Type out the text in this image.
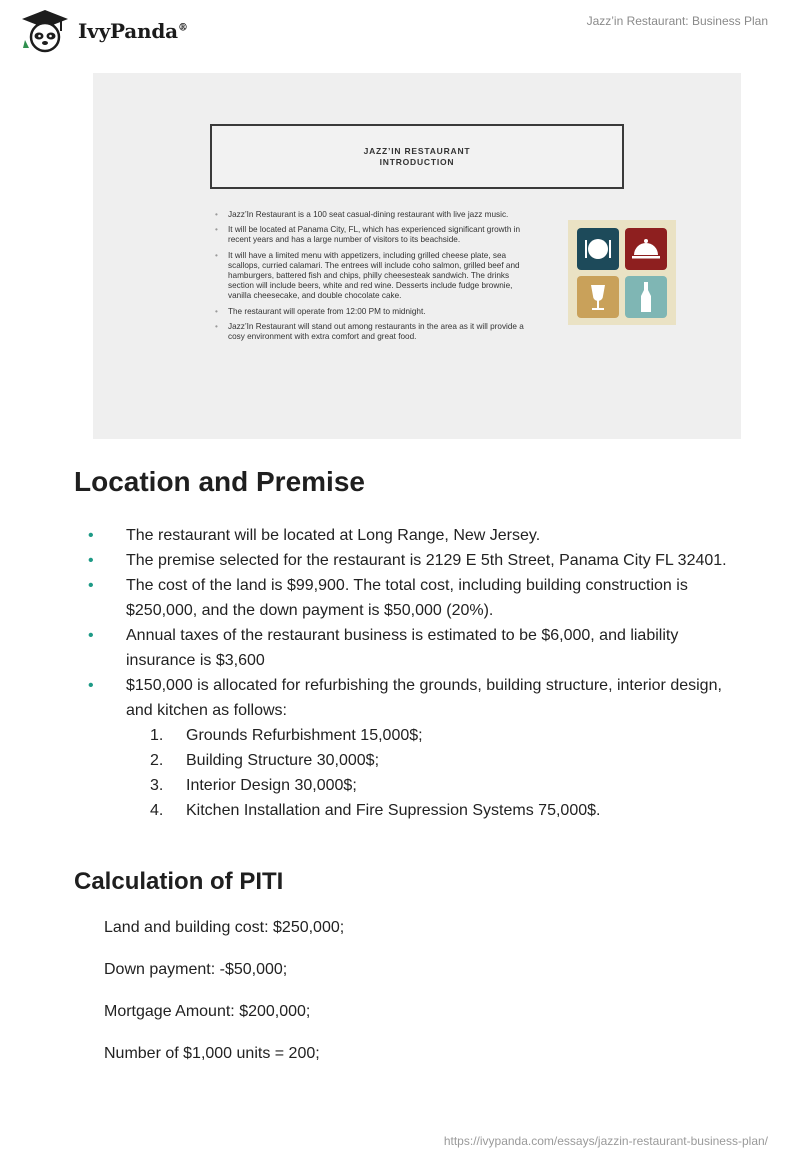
IvyPanda®	Jazz’in Restaurant: Business Plan
JAZZ’IN RESTAURANT
INTRODUCTION
• Jazz’In Restaurant is a 100 seat casual-dining restaurant with live jazz music.
• It will be located at Panama City, FL, which has experienced significant growth in recent years and has a large number of visitors to its beachside.
• It will have a limited menu with appetizers, including grilled cheese plate, sea scallops, curried calamari. The entrees will include coho salmon, grilled beef and hamburgers, battered fish and chips, philly cheesesteak sandwich. The drinks section will include beers, white and red wine. Desserts include fudge brownie, vanilla cheesecake, and double chocolate cake.
• The restaurant will operate from 12:00 PM to midnight.
• Jazz’In Restaurant will stand out among restaurants in the area as it will provide a cosy environment with extra comfort and great food.
Location and Premise
• The restaurant will be located at Long Range, New Jersey.
• The premise selected for the restaurant is 2129 E 5th Street, Panama City FL 32401.
• The cost of the land is $99,900. The total cost, including building construction is $250,000, and the down payment is $50,000 (20%).
• Annual taxes of the restaurant business is estimated to be $6,000, and liability insurance is $3,600
• $150,000 is allocated for refurbishing the grounds, building structure, interior design, and kitchen as follows:
1. Grounds Refurbishment 15,000$;
2. Building Structure 30,000$;
3. Interior Design 30,000$;
4. Kitchen Installation and Fire Supression Systems 75,000$.
Calculation of PITI

Land and building cost: $250,000;

Down payment: -$50,000;

Mortgage Amount: $200,000;

Number of $1,000 units = 200;

https://ivypanda.com/essays/jazzin-restaurant-business-plan/
